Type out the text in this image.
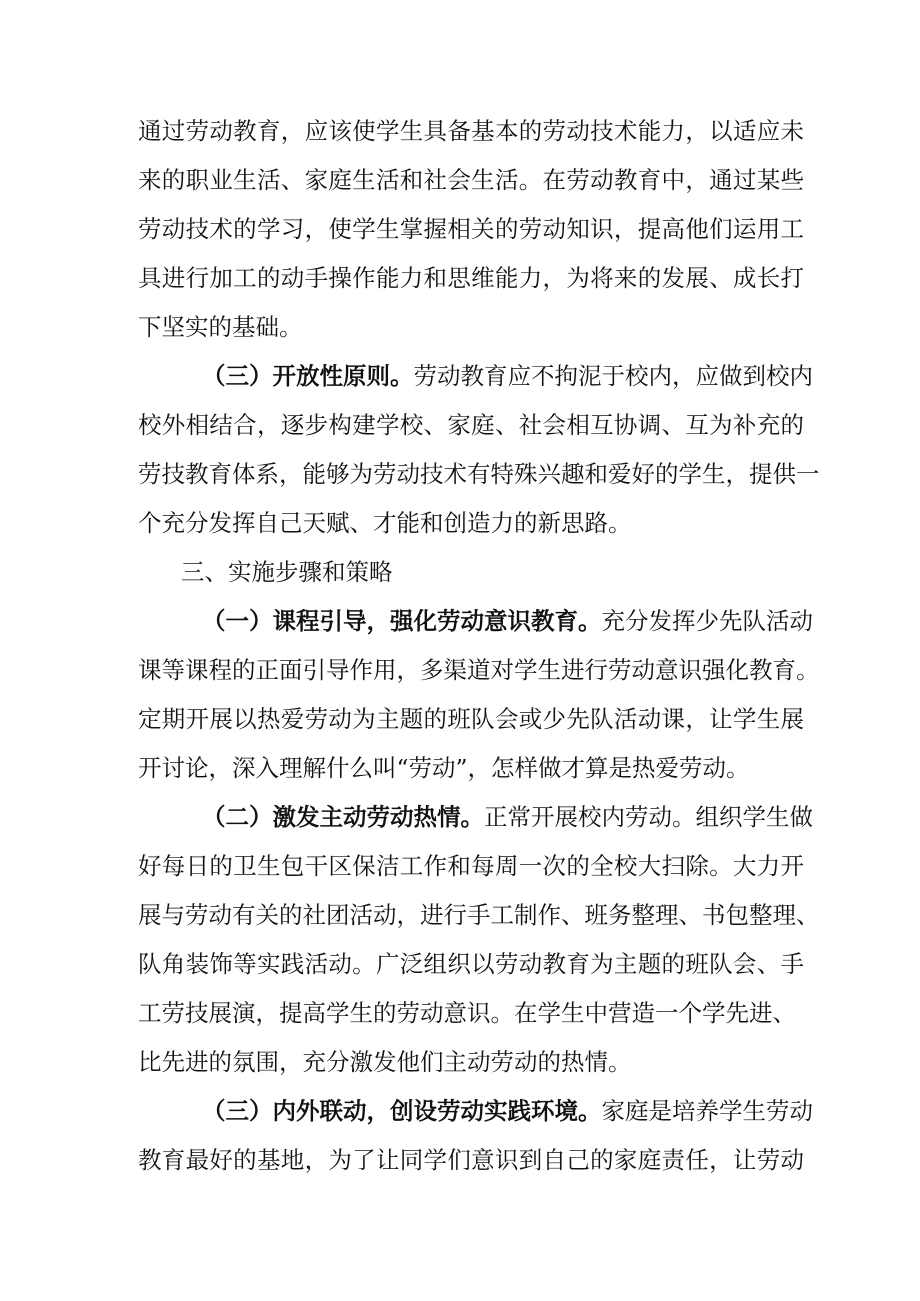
通过劳动教育，应该使学生具备基本的劳动技术能力，以适应未
来的职业生活、家庭生活和社会生活。在劳动教育中，通过某些
劳动技术的学习，使学生掌握相关的劳动知识，提高他们运用工
具进行加工的动手操作能力和思维能力，为将来的发展、成长打
下坚实的基础。
（三）开放性原则。劳动教育应不拘泥于校内，应做到校内
校外相结合，逐步构建学校、家庭、社会相互协调、互为补充的
劳技教育体系，能够为劳动技术有特殊兴趣和爱好的学生，提供一
个充分发挥自己天赋、才能和创造力的新思路。
三、实施步骤和策略
（一）课程引导，强化劳动意识教育。充分发挥少先队活动
课等课程的正面引导作用，多渠道对学生进行劳动意识强化教育。
定期开展以热爱劳动为主题的班队会或少先队活动课，让学生展
开讨论，深入理解什么叫“劳动”，怎样做才算是热爱劳动。
（二）激发主动劳动热情。正常开展校内劳动。组织学生做
好每日的卫生包干区保洁工作和每周一次的全校大扫除。大力开
展与劳动有关的社团活动，进行手工制作、班务整理、书包整理、
队角装饰等实践活动。广泛组织以劳动教育为主题的班队会、手
工劳技展演，提高学生的劳动意识。在学生中营造一个学先进、
比先进的氛围，充分激发他们主动劳动的热情。
（三）内外联动，创设劳动实践环境。家庭是培养学生劳动
教育最好的基地，为了让同学们意识到自己的家庭责任，让劳动
